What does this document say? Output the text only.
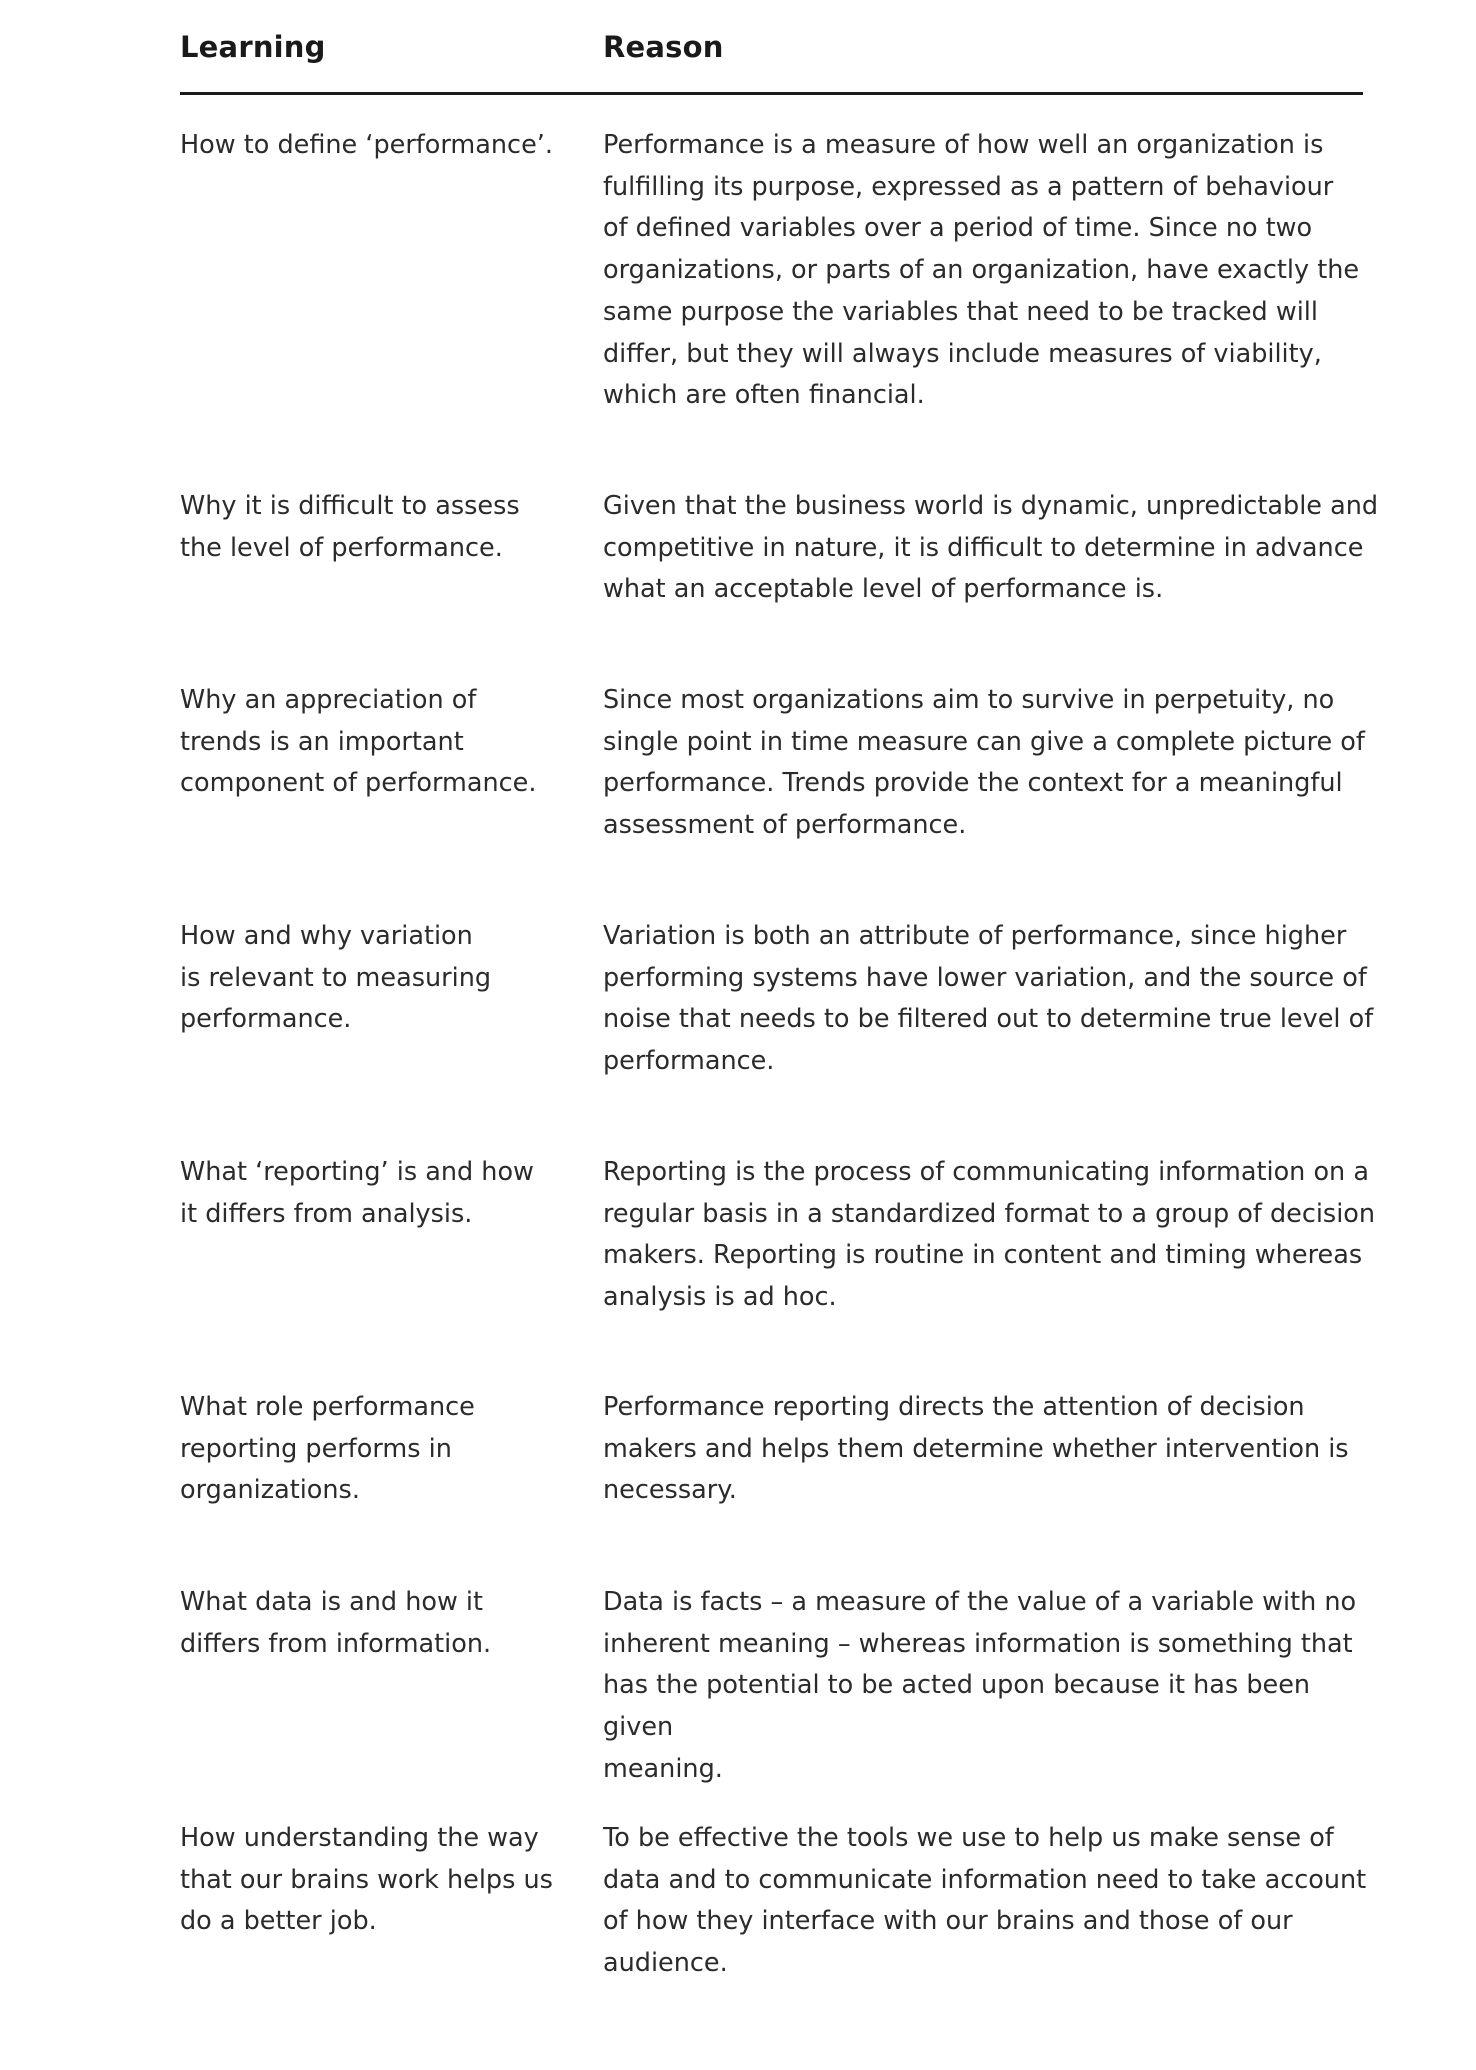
Learning	Reason
How to define ‘performance’.	Performance is a measure of how well an organization is
fulfilling its purpose, expressed as a pattern of behaviour
of defined variables over a period of time. Since no two
organizations, or parts of an organization, have exactly the
same purpose the variables that need to be tracked will
differ, but they will always include measures of viability,
which are often financial.
Why it is difficult to assess
the level of performance.
Given that the business world is dynamic, unpredictable and
competitive in nature, it is difficult to determine in advance
what an acceptable level of performance is.
Why an appreciation of
trends is an important
component of performance.
Since most organizations aim to survive in perpetuity, no
single point in time measure can give a complete picture of
performance. Trends provide the context for a meaningful
assessment of performance.
How and why variation
is relevant to measuring
performance.
Variation is both an attribute of performance, since higher
performing systems have lower variation, and the source of
noise that needs to be filtered out to determine true level of
performance.
What ‘reporting’ is and how
it differs from analysis.
Reporting is the process of communicating information on a
regular basis in a standardized format to a group of decision
makers. Reporting is routine in content and timing whereas
analysis is ad hoc.
What role performance
reporting performs in
organizations.
Performance reporting directs the attention of decision
makers and helps them determine whether intervention is
necessary.
What data is and how it
differs from information.
Data is facts – a measure of the value of a variable with no
inherent meaning – whereas information is something that
has the potential to be acted upon because it has been given
meaning.
How understanding the way
that our brains work helps us
do a better job.
To be effective the tools we use to help us make sense of
data and to communicate information need to take account
of how they interface with our brains and those of our
audience.
